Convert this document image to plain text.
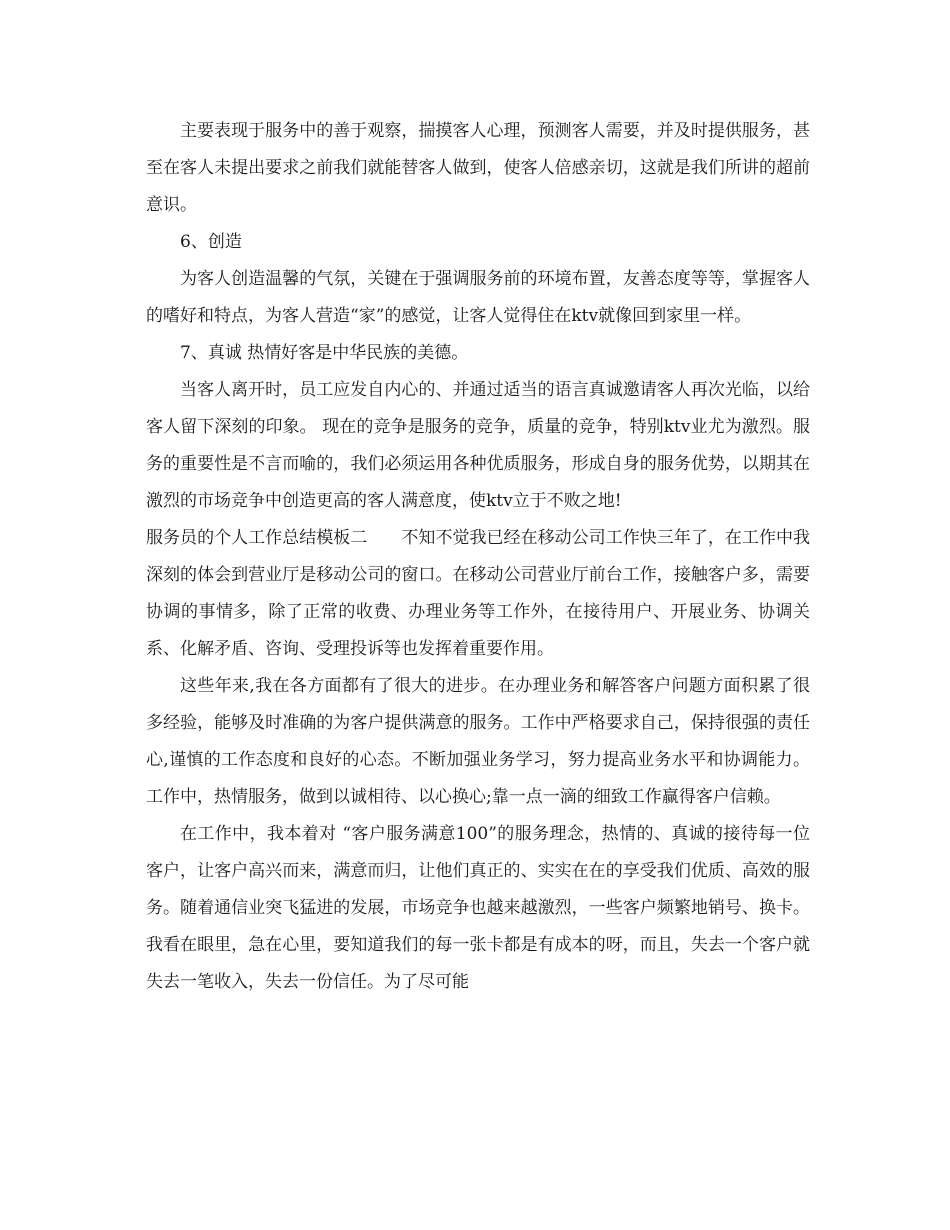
主要表现于服务中的善于观察，揣摸客人心理，预测客人需要，并及时提供服务，甚至在客人未提出要求之前我们就能替客人做到，使客人倍感亲切，这就是我们所讲的超前意识。

6、创造

为客人创造温馨的气氛，关键在于强调服务前的环境布置，友善态度等等，掌握客人的嗜好和特点，为客人营造“家”的感觉，让客人觉得住在ktv就像回到家里一样。

7、真诚 热情好客是中华民族的美德。

当客人离开时，员工应发自内心的、并通过适当的语言真诚邀请客人再次光临，以给客人留下深刻的印象。 现在的竞争是服务的竞争，质量的竞争，特别ktv业尤为激烈。服务的重要性是不言而喻的，我们必须运用各种优质服务，形成自身的服务优势，以期其在激烈的市场竞争中创造更高的客人满意度，使ktv立于不败之地!

服务员的个人工作总结模板二　　不知不觉我已经在移动公司工作快三年了，在工作中我深刻的体会到营业厅是移动公司的窗口。在移动公司营业厅前台工作，接触客户多，需要协调的事情多，除了正常的收费、办理业务等工作外，在接待用户、开展业务、协调关系、化解矛盾、咨询、受理投诉等也发挥着重要作用。

这些年来,我在各方面都有了很大的进步。在办理业务和解答客户问题方面积累了很多经验，能够及时准确的为客户提供满意的服务。工作中严格要求自己，保持很强的责任心,谨慎的工作态度和良好的心态。不断加强业务学习，努力提高业务水平和协调能力。工作中，热情服务，做到以诚相待、以心换心;靠一点一滴的细致工作赢得客户信赖。

在工作中，我本着对 “客户服务满意100”的服务理念，热情的、真诚的接待每一位客户，让客户高兴而来，满意而归，让他们真正的、实实在在的享受我们优质、高效的服务。随着通信业突飞猛进的发展，市场竞争也越来越激烈，一些客户频繁地销号、换卡。我看在眼里，急在心里，要知道我们的每一张卡都是有成本的呀，而且，失去一个客户就失去一笔收入，失去一份信任。为了尽可能
